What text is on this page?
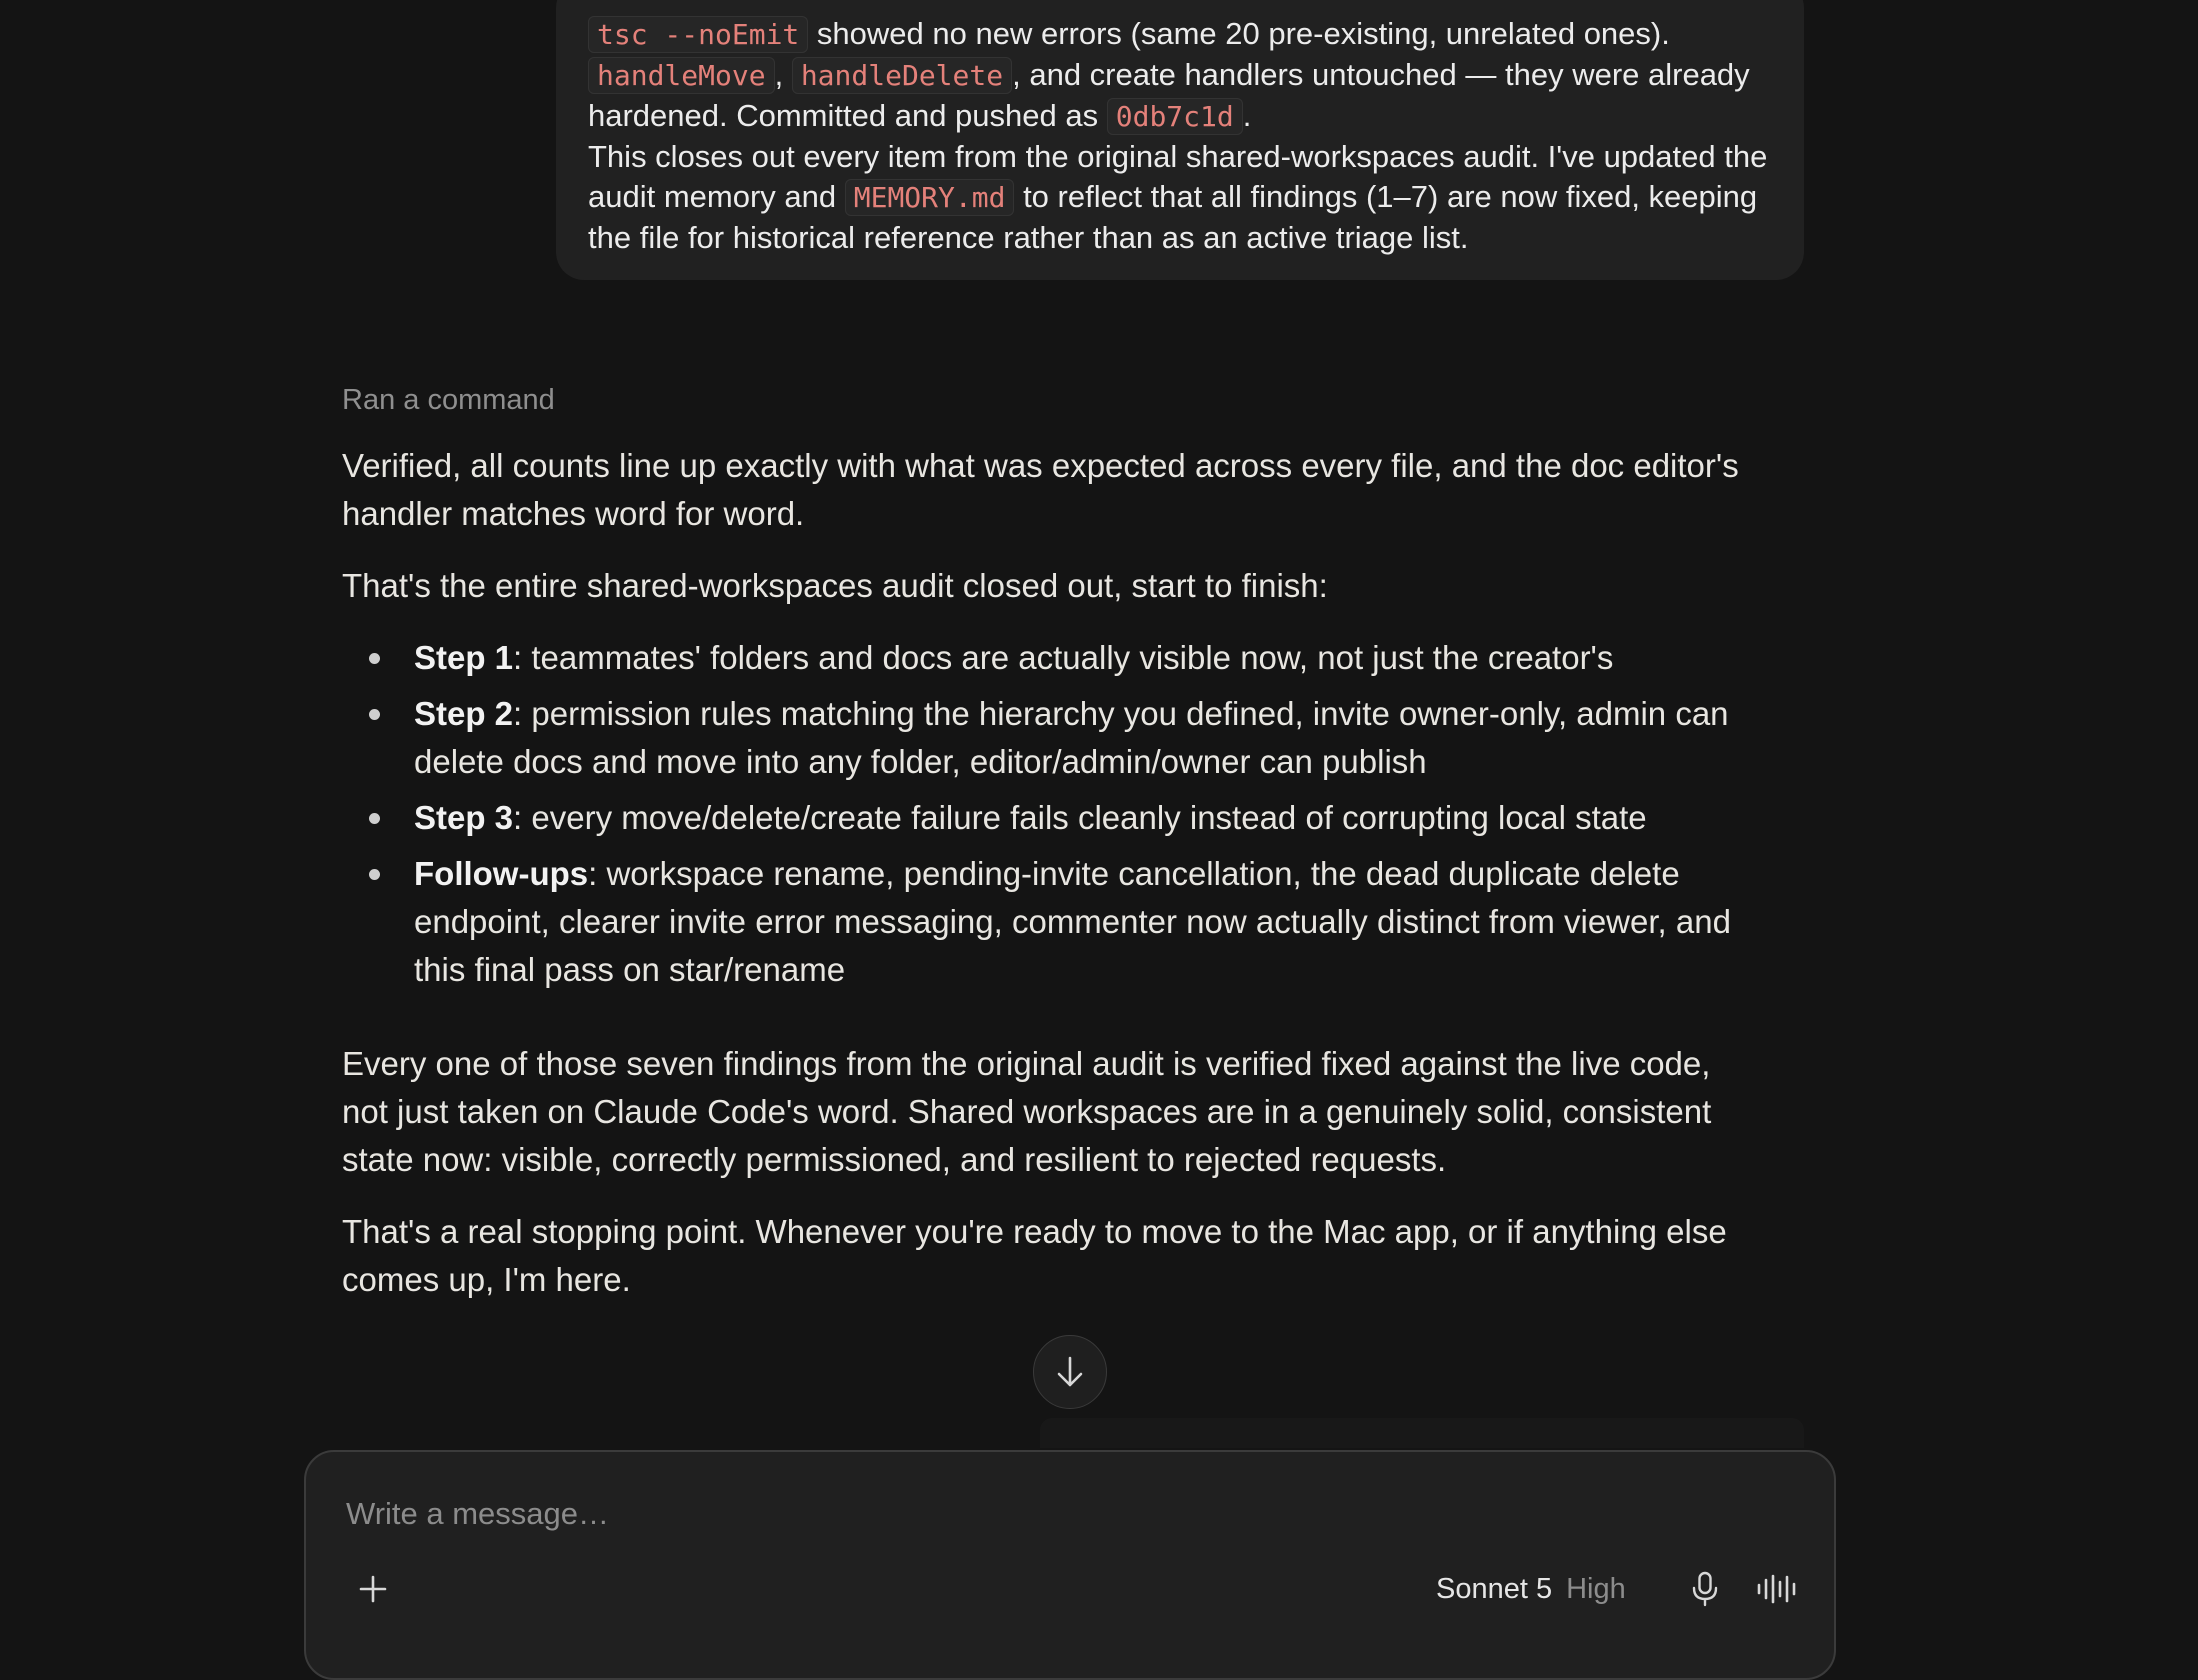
tsc --noEmit showed no new errors (same 20 pre-existing, unrelated ones).
handleMove , handleDelete , and create handlers untouched — they were already hardened. Committed and pushed as 0db7c1d .
This closes out every item from the original shared-workspaces audit. I've updated the audit memory and MEMORY.md to reflect that all findings (1–7) are now fixed, keeping the file for historical reference rather than as an active triage list.

Ran a command

Verified, all counts line up exactly with what was expected across every file, and the doc editor's handler matches word for word.

That's the entire shared-workspaces audit closed out, start to finish:

Step 1: teammates' folders and docs are actually visible now, not just the creator's
Step 2: permission rules matching the hierarchy you defined, invite owner-only, admin can delete docs and move into any folder, editor/admin/owner can publish
Step 3: every move/delete/create failure fails cleanly instead of corrupting local state
Follow-ups: workspace rename, pending-invite cancellation, the dead duplicate delete endpoint, clearer invite error messaging, commenter now actually distinct from viewer, and this final pass on star/rename

Every one of those seven findings from the original audit is verified fixed against the live code, not just taken on Claude Code's word. Shared workspaces are in a genuinely solid, consistent state now: visible, correctly permissioned, and resilient to rejected requests.

That's a real stopping point. Whenever you're ready to move to the Mac app, or if anything else comes up, I'm here.

Write a message…
Sonnet 5 High
